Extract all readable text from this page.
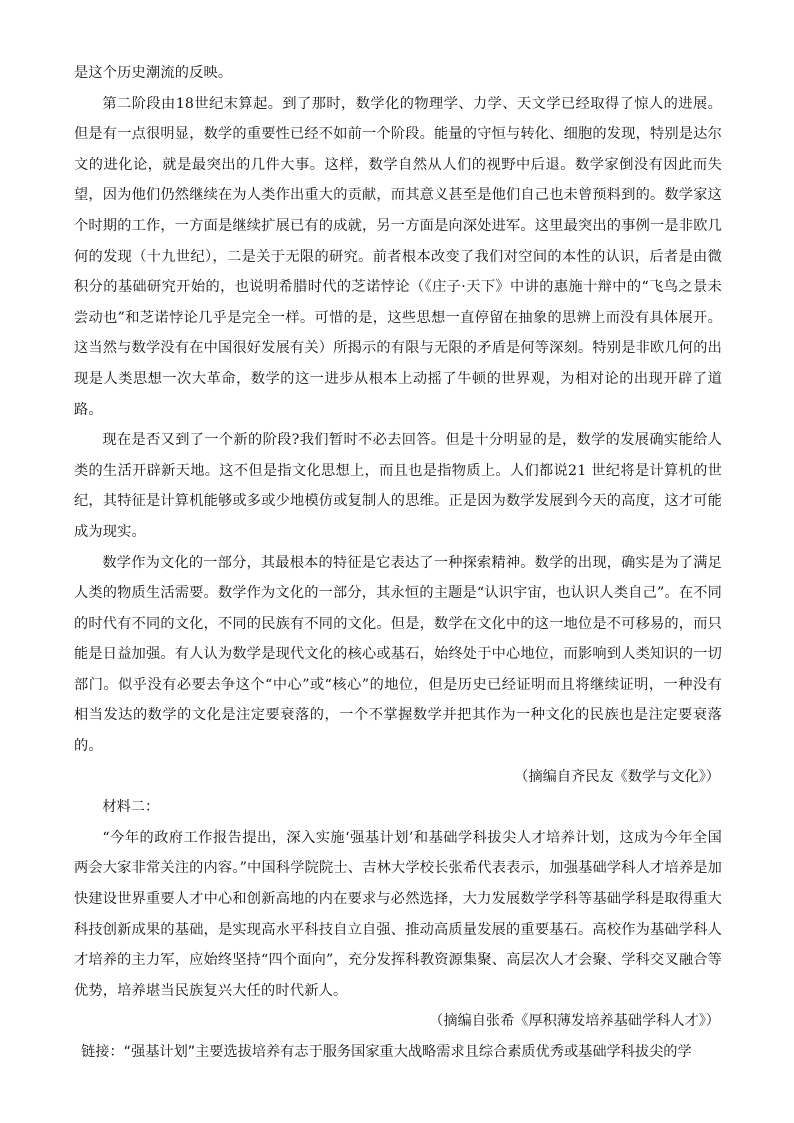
是这个历史潮流的反映。

第二阶段由18世纪末算起。到了那时，数学化的物理学、力学、天文学已经取得了惊人的进展。但是有一点很明显，数学的重要性已经不如前一个阶段。能量的守恒与转化、细胞的发现，特别是达尔文的进化论，就是最突出的几件大事。这样，数学自然从人们的视野中后退。数学家倒没有因此而失望，因为他们仍然继续在为人类作出重大的贡献，而其意义甚至是他们自己也未曾预料到的。数学家这个时期的工作，一方面是继续扩展已有的成就，另一方面是向深处进军。这里最突出的事例一是非欧几何的发现（十九世纪），二是关于无限的研究。前者根本改变了我们对空间的本性的认识，后者是由微积分的基础研究开始的，也说明希腊时代的芝诺悖论（《庄子·天下》中讲的惠施十辩中的“飞鸟之景未尝动也”和芝诺悖论几乎是完全一样。可惜的是，这些思想一直停留在抽象的思辨上而没有具体展开。这当然与数学没有在中国很好发展有关）所揭示的有限与无限的矛盾是何等深刻。特别是非欧几何的出现是人类思想一次大革命，数学的这一进步从根本上动摇了牛顿的世界观，为相对论的出现开辟了道路。

现在是否又到了一个新的阶段?我们暂时不必去回答。但是十分明显的是，数学的发展确实能给人类的生活开辟新天地。这不但是指文化思想上，而且也是指物质上。人们都说21 世纪将是计算机的世纪，其特征是计算机能够或多或少地模仿或复制人的思维。正是因为数学发展到今天的高度，这才可能成为现实。

数学作为文化的一部分，其最根本的特征是它表达了一种探索精神。数学的出现，确实是为了满足人类的物质生活需要。数学作为文化的一部分，其永恒的主题是“认识宇宙，也认识人类自己”。在不同的时代有不同的文化，不同的民族有不同的文化。但是，数学在文化中的这一地位是不可移易的，而只能是日益加强。有人认为数学是现代文化的核心或基石，始终处于中心地位，而影响到人类知识的一切部门。似乎没有必要去争这个“中心”或“核心”的地位，但是历史已经证明而且将继续证明，一种没有相当发达的数学的文化是注定要衰落的，一个不掌握数学并把其作为一种文化的民族也是注定要衰落的。

（摘编自齐民友《数学与文化》）

材料二：

“今年的政府工作报告提出，深入实施‘强基计划’和基础学科拔尖人才培养计划，这成为今年全国两会大家非常关注的内容。”中国科学院院士、吉林大学校长张希代表表示，加强基础学科人才培养是加快建设世界重要人才中心和创新高地的内在要求与必然选择，大力发展数学学科等基础学科是取得重大科技创新成果的基础，是实现高水平科技自立自强、推动高质量发展的重要基石。高校作为基础学科人才培养的主力军，应始终坚持“四个面向”，充分发挥科教资源集聚、高层次人才会聚、学科交叉融合等优势，培养堪当民族复兴大任的时代新人。

（摘编自张希《厚积薄发培养基础学科人才》）

链接：“强基计划”主要选拔培养有志于服务国家重大战略需求且综合素质优秀或基础学科拔尖的学
